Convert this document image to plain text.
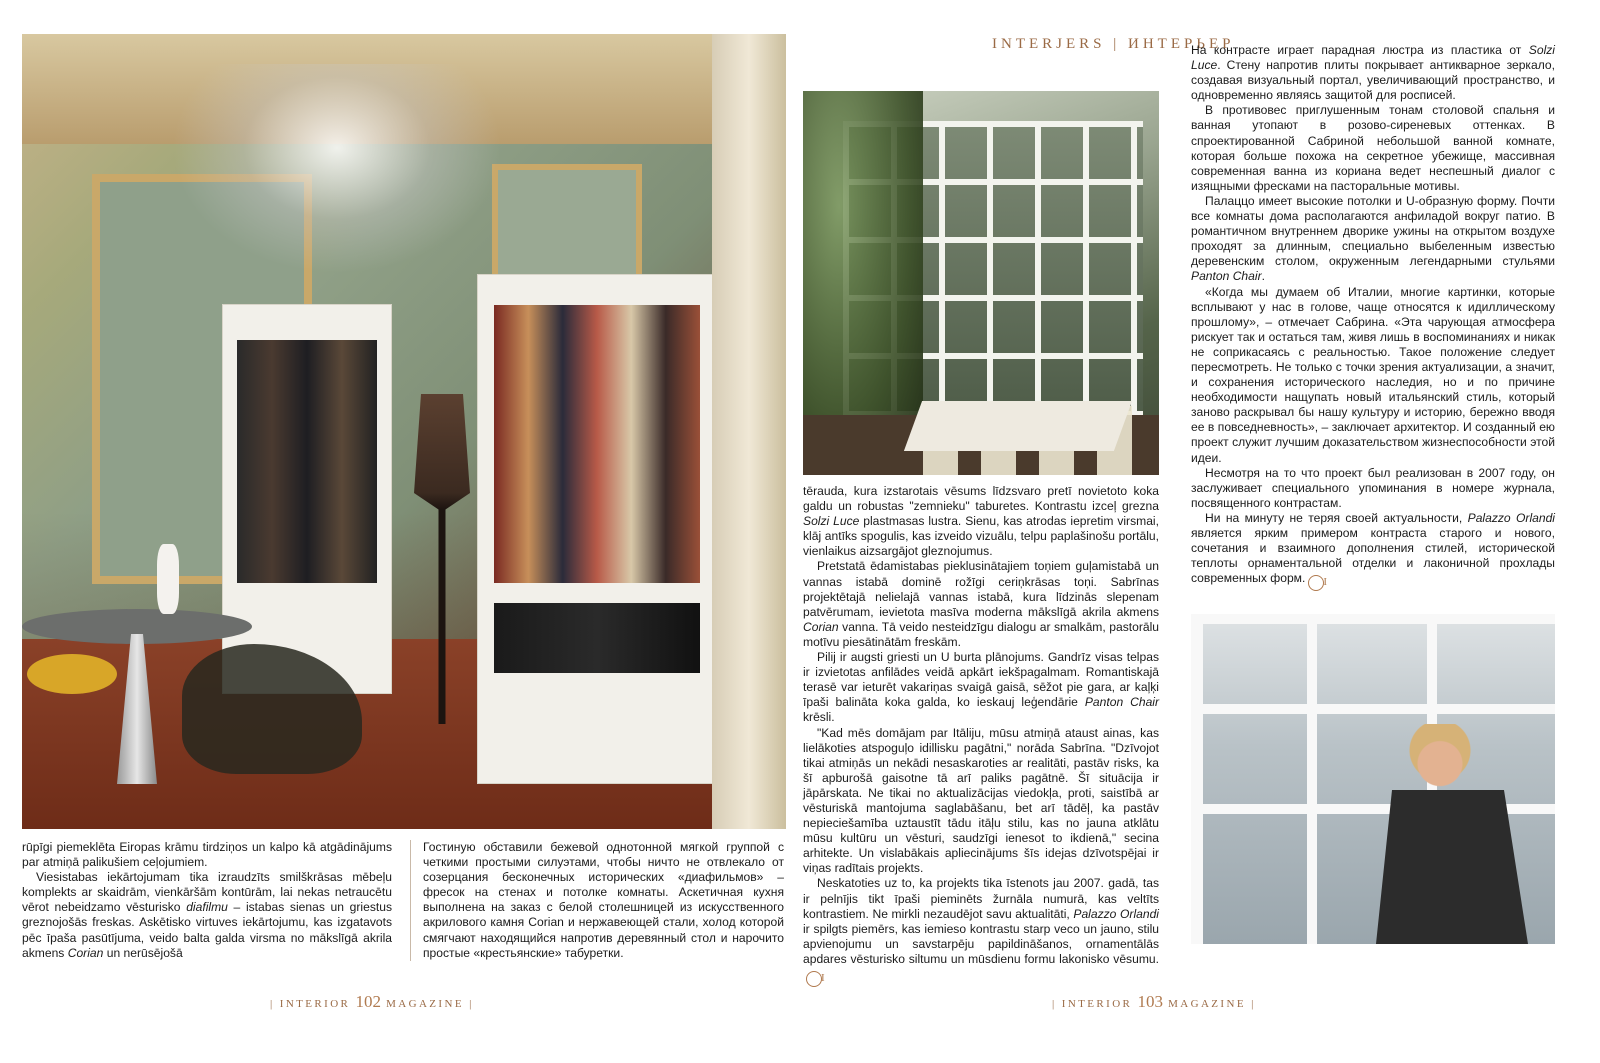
rūpīgi piemeklēta Eiropas krāmu tirdziņos un kalpo kā atgādinājums par atmiņā palikušiem ceļojumiem.

Viesistabas iekārtojumam tika izraudzīts smilškrāsas mēbeļu komplekts ar skaidrām, vienkāršām kontūrām, lai nekas netraucētu vērot nebeidzamo vēsturisko diafilmu – istabas sienas un griestus greznojošās freskas. Askētisko virtuves iekārtojumu, kas izgatavots pēc īpaša pasūtījuma, veido balta galda virsma no mākslīgā akrila akmens Corian un nerūsējošā

Гостиную обставили бежевой однотонной мягкой группой с четкими простыми силуэтами, чтобы ничто не отвлекало от созерцания бесконечных исторических «диафильмов» – фресок на стенах и потолке комнаты. Аскетичная кухня выполнена на заказ с белой столешницей из искусственного акрилового камня Corian и нержавеющей стали, холод которой смягчают находящийся напротив деревянный стол и нарочито простые «крестьянские» табуретки.

| INTERIOR 102 MAGAZINE |
INTERJERS | ИНТЕРЬЕР

tērauda, kura izstarotais vēsums līdzsvaro pretī novietoto koka galdu un robustas "zemnieku" taburetes. Kontrastu izceļ grezna Solzi Luce plastmasas lustra. Sienu, kas atrodas iepretim virsmai, klāj antīks spogulis, kas izveido vizuālu, telpu paplašinošu portālu, vienlaikus aizsargājot gleznojumus.

Pretstatā ēdamistabas pieklusinātajiem toņiem guļamistabā un vannas istabā dominē rožīgi ceriņkrāsas toņi. Sabrīnas projektētajā nelielajā vannas istabā, kura līdzinās slepenam patvērumam, ievietota masīva moderna mākslīgā akrila akmens Corian vanna. Tā veido nesteidzīgu dialogu ar smalkām, pastorālu motīvu piesātinātām freskām.

Pilij ir augsti griesti un U burta plānojums. Gandrīz visas telpas ir izvietotas anfilādes veidā apkārt iekšpagalmam. Romantiskajā terasē var ieturēt vakariņas svaigā gaisā, sēžot pie gara, ar kaļķi īpaši balināta koka galda, ko ieskauj leģendārie Panton Chair krēsli.

"Kad mēs domājam par Itāliju, mūsu atmiņā ataust ainas, kas lielākoties atspoguļo idillisku pagātni," norāda Sabrīna. "Dzīvojot tikai atmiņās un nekādi nesaskaroties ar realitāti, pastāv risks, ka šī apburošā gaisotne tā arī paliks pagātnē. Šī situācija ir jāpārskata. Ne tikai no aktualizācijas viedokļa, proti, saistībā ar vēsturiskā mantojuma saglabāšanu, bet arī tādēļ, ka pastāv nepieciešamība uztaustīt tādu itāļu stilu, kas no jauna atklātu mūsu kultūru un vēsturi, saudzīgi ienesot to ikdienā," secina arhitekte. Un vislabākais apliecinājums šīs idejas dzīvotspējai ir viņas radītais projekts.

Neskatoties uz to, ka projekts tika īstenots jau 2007. gadā, tas ir pelnījis tikt īpaši pieminēts žurnāla numurā, kas veltīts kontrastiem. Ne mirkli nezaudējot savu aktualitāti, Palazzo Orlandi ir spilgts piemērs, kas iemieso kontrastu starp veco un jauno, stilu apvienojumu un savstarpēju papildināšanos, ornamentālās apdares vēsturisko siltumu un mūsdienu formu lakonisko vēsumu.I

На контрасте играет парадная люстра из пластика от Solzi Luce. Стену напротив плиты покрывает антикварное зеркало, создавая визуальный портал, увеличивающий пространство, и одновременно являясь защитой для росписей.

В противовес приглушенным тонам столовой спальня и ванная утопают в розово-сиреневых оттенках. В спроектированной Сабриной небольшой ванной комнате, которая больше похожа на секретное убежище, массивная современная ванна из кориана ведет неспешный диалог с изящными фресками на пасторальные мотивы.

Палаццо имеет высокие потолки и U-образную форму. Почти все комнаты дома располагаются анфиладой вокруг патио. В романтичном внутреннем дворике ужины на открытом воздухе проходят за длинным, специально выбеленным известью деревенским столом, окруженным легендарными стульями Panton Chair.

«Когда мы думаем об Италии, многие картинки, которые всплывают у нас в голове, чаще относятся к идиллическому прошлому», – отмечает Сабрина. «Эта чарующая атмосфера рискует так и остаться там, живя лишь в воспоминаниях и никак не соприкасаясь с реальностью. Такое положение следует пересмотреть. Не только с точки зрения актуализации, а значит, и сохранения исторического наследия, но и по причине необходимости нащупать новый итальянский стиль, который заново раскрывал бы нашу культуру и историю, бережно вводя ее в повседневность», – заключает архитектор. И созданный ею проект служит лучшим доказательством жизнеспособности этой идеи.

Несмотря на то что проект был реализован в 2007 году, он заслуживает специального упоминания в номере журнала, посвященного контрастам.

Ни на минуту не теряя своей актуальности, Palazzo Orlandi является ярким примером контраста старого и нового, сочетания и взаимного дополнения стилей, исторической теплоты орнаментальной отделки и лаконичной прохлады современных форм. I

| INTERIOR 103 MAGAZINE |
